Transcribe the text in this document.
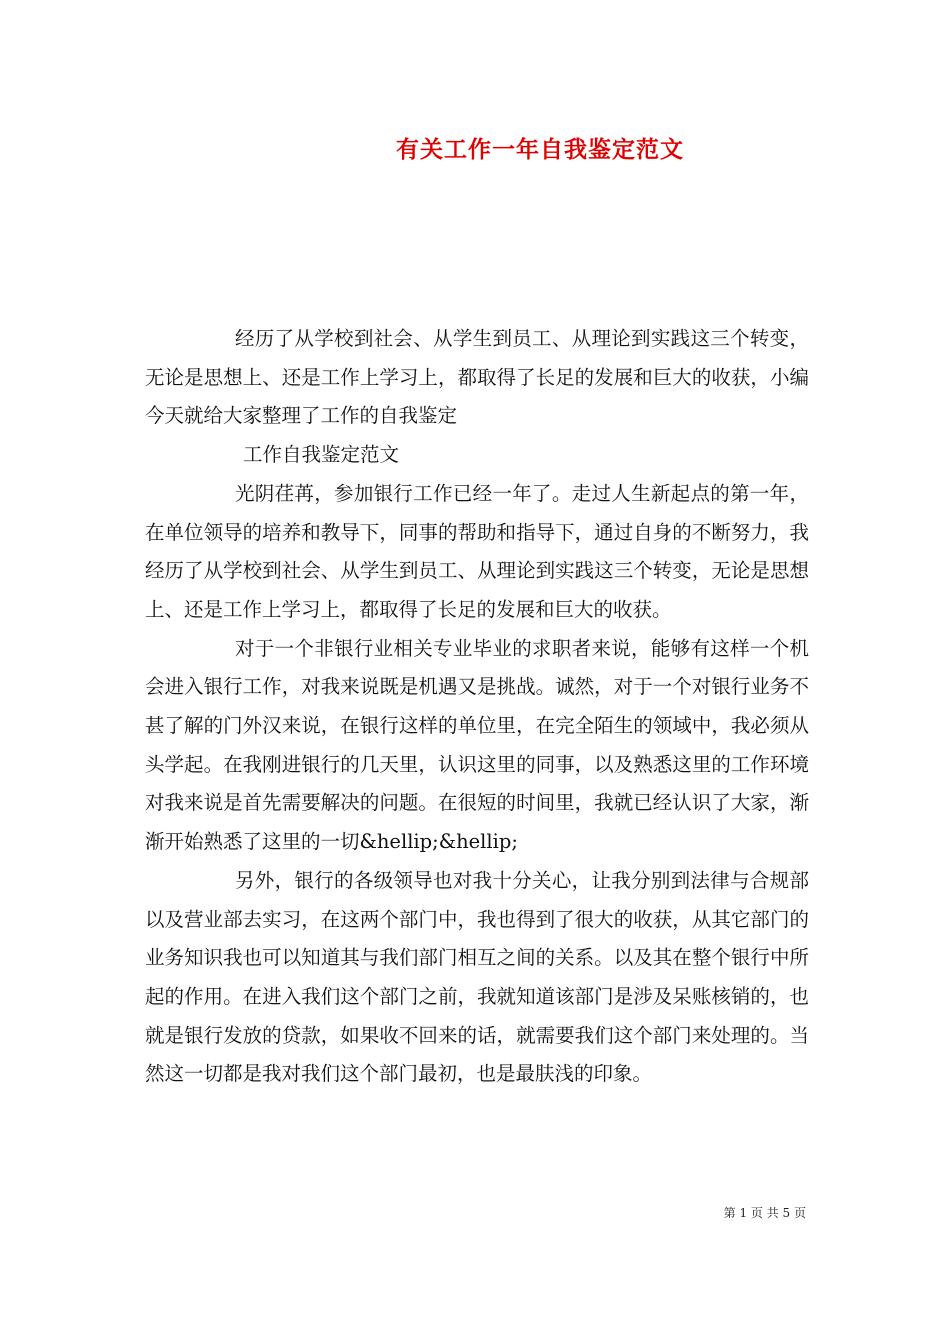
有关工作一年自我鉴定范文

经历了从学校到社会、从学生到员工、从理论到实践这三个转变，无论是思想上、还是工作上学习上，都取得了长足的发展和巨大的收获，小编今天就给大家整理了工作的自我鉴定

工作自我鉴定范文

光阴荏苒，参加银行工作已经一年了。走过人生新起点的第一年，在单位领导的培养和教导下，同事的帮助和指导下，通过自身的不断努力，我经历了从学校到社会、从学生到员工、从理论到实践这三个转变，无论是思想上、还是工作上学习上，都取得了长足的发展和巨大的收获。

对于一个非银行业相关专业毕业的求职者来说，能够有这样一个机会进入银行工作，对我来说既是机遇又是挑战。诚然，对于一个对银行业务不甚了解的门外汉来说，在银行这样的单位里，在完全陌生的领域中，我必须从头学起。在我刚进银行的几天里，认识这里的同事，以及熟悉这里的工作环境对我来说是首先需要解决的问题。在很短的时间里，我就已经认识了大家，渐渐开始熟悉了这里的一切&hellip;&hellip;

另外，银行的各级领导也对我十分关心，让我分别到法律与合规部以及营业部去实习，在这两个部门中，我也得到了很大的收获，从其它部门的业务知识我也可以知道其与我们部门相互之间的关系。以及其在整个银行中所起的作用。在进入我们这个部门之前，我就知道该部门是涉及呆账核销的，也就是银行发放的贷款，如果收不回来的话，就需要我们这个部门来处理的。当然这一切都是我对我们这个部门最初，也是最肤浅的印象。

第 1 页 共 5 页
